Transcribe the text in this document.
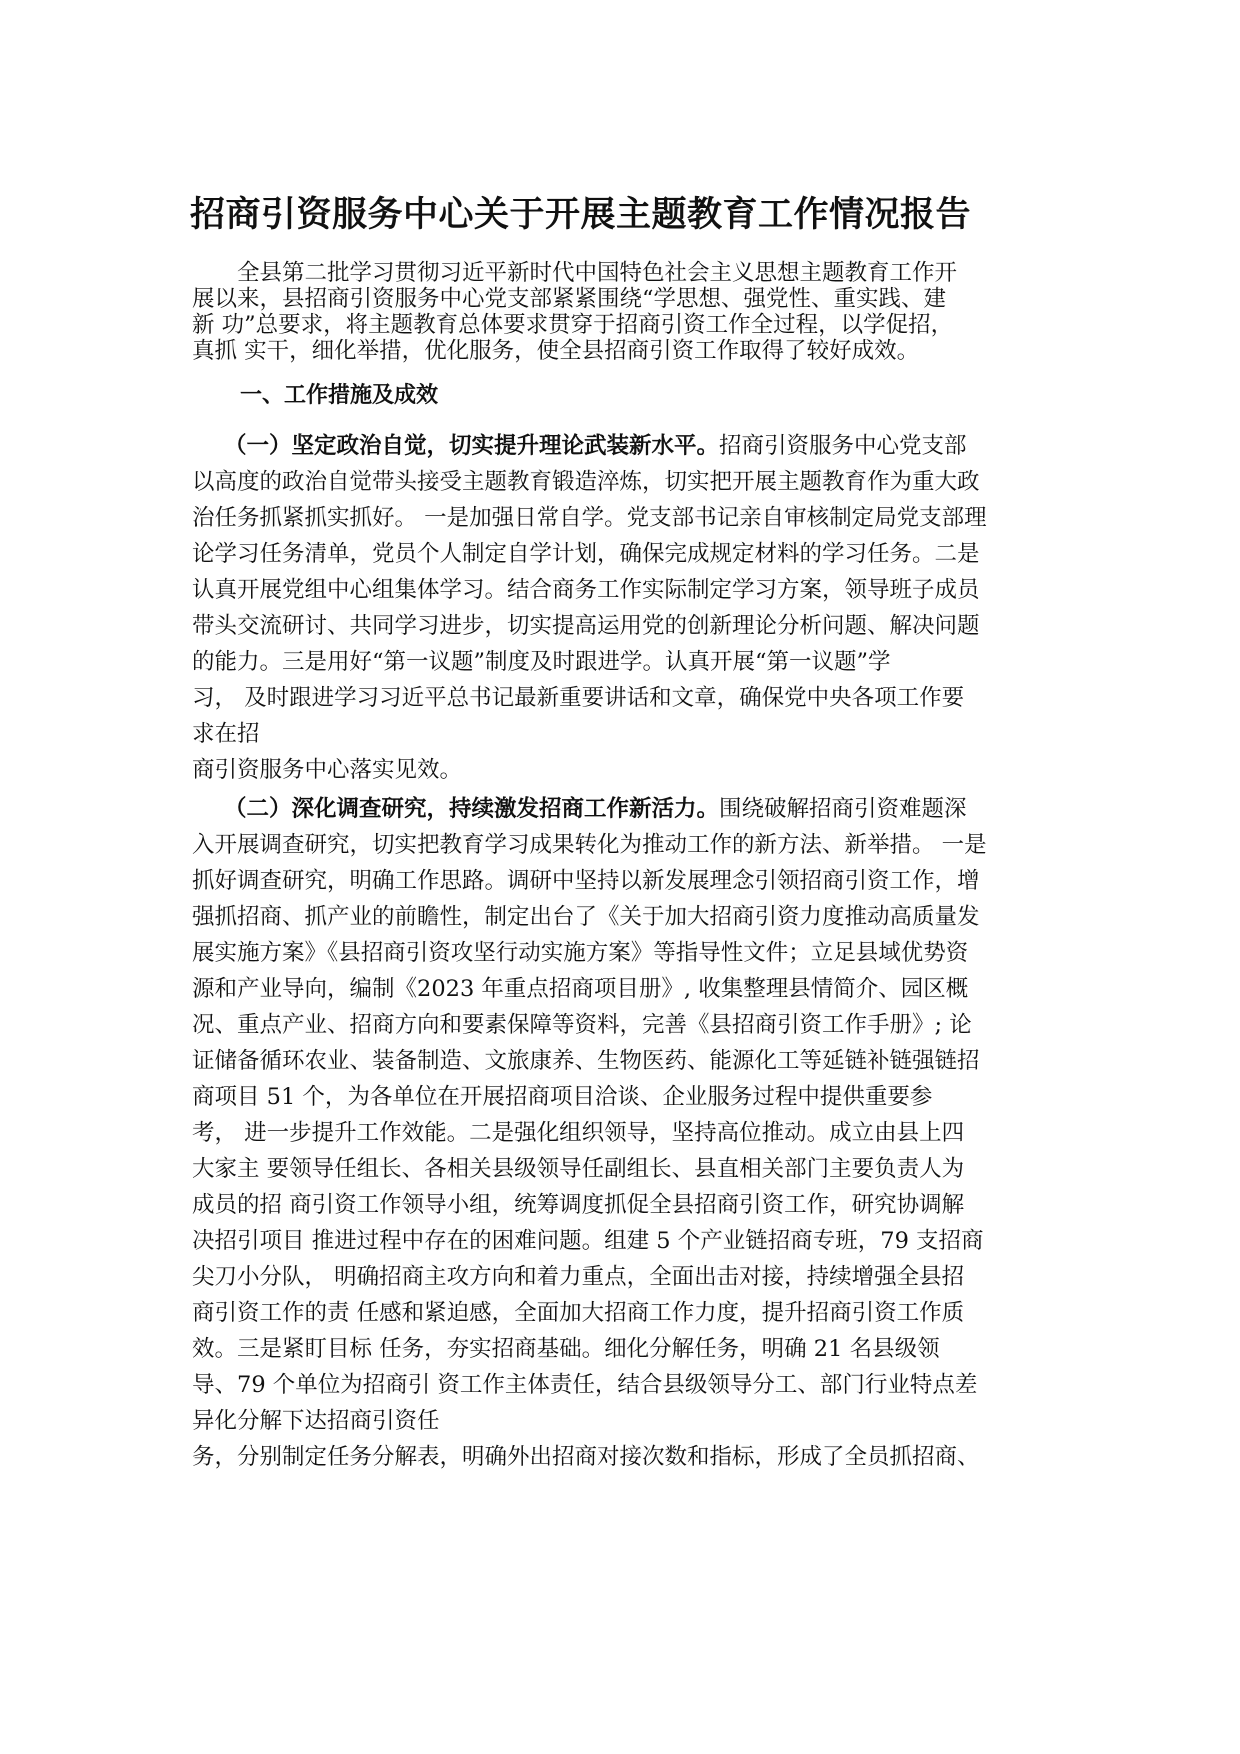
招商引资服务中心关于开展主题教育工作情况报告
　　全县第二批学习贯彻习近平新时代中国特色社会主义思想主题教育工作开
展以来，县招商引资服务中心党支部紧紧围绕“学思想、强党性、重实践、建
新 功”总要求，将主题教育总体要求贯穿于招商引资工作全过程，以学促招，
真抓 实干，细化举措，优化服务，使全县招商引资工作取得了较好成效。
一、工作措施及成效
（一）坚定政治自觉，切实提升理论武装新水平。招商引资服务中心党支部
以高度的政治自觉带头接受主题教育锻造淬炼，切实把开展主题教育作为重大政
治任务抓紧抓实抓好。 一是加强日常自学。党支部书记亲自审核制定局党支部理
论学习任务清单，党员个人制定自学计划，确保完成规定材料的学习任务。二是
认真开展党组中心组集体学习。结合商务工作实际制定学习方案，领导班子成员
带头交流研讨、共同学习进步，切实提高运用党的创新理论分析问题、解决问题
的能力。三是用好“第一议题”制度及时跟进学。认真开展“第一议题”学
习， 及时跟进学习习近平总书记最新重要讲话和文章，确保党中央各项工作要
求在招
商引资服务中心落实见效。
（二）深化调查研究，持续激发招商工作新活力。围绕破解招商引资难题深
入开展调查研究，切实把教育学习成果转化为推动工作的新方法、新举措。 一是
抓好调查研究，明确工作思路。调研中坚持以新发展理念引领招商引资工作，增
强抓招商、抓产业的前瞻性，制定出台了《关于加大招商引资力度推动高质量发
展实施方案》《县招商引资攻坚行动实施方案》等指导性文件；立足县域优势资
源和产业导向，编制《2023 年重点招商项目册》, 收集整理县情简介、园区概
况、重点产业、招商方向和要素保障等资料，完善《县招商引资工作手册》; 论
证储备循环农业、装备制造、文旅康养、生物医药、能源化工等延链补链强链招
商项目 51 个，为各单位在开展招商项目洽谈、企业服务过程中提供重要参
考， 进一步提升工作效能。二是强化组织领导，坚持高位推动。成立由县上四
大家主 要领导任组长、各相关县级领导任副组长、县直相关部门主要负责人为
成员的招 商引资工作领导小组，统筹调度抓促全县招商引资工作，研究协调解
决招引项目 推进过程中存在的困难问题。组建 5 个产业链招商专班，79 支招商
尖刀小分队， 明确招商主攻方向和着力重点，全面出击对接，持续增强全县招
商引资工作的责 任感和紧迫感，全面加大招商工作力度，提升招商引资工作质
效。三是紧盯目标 任务，夯实招商基础。细化分解任务，明确 21 名县级领
导、79 个单位为招商引 资工作主体责任，结合县级领导分工、部门行业特点差
异化分解下达招商引资任
务，分别制定任务分解表，明确外出招商对接次数和指标，形成了全员抓招商、
